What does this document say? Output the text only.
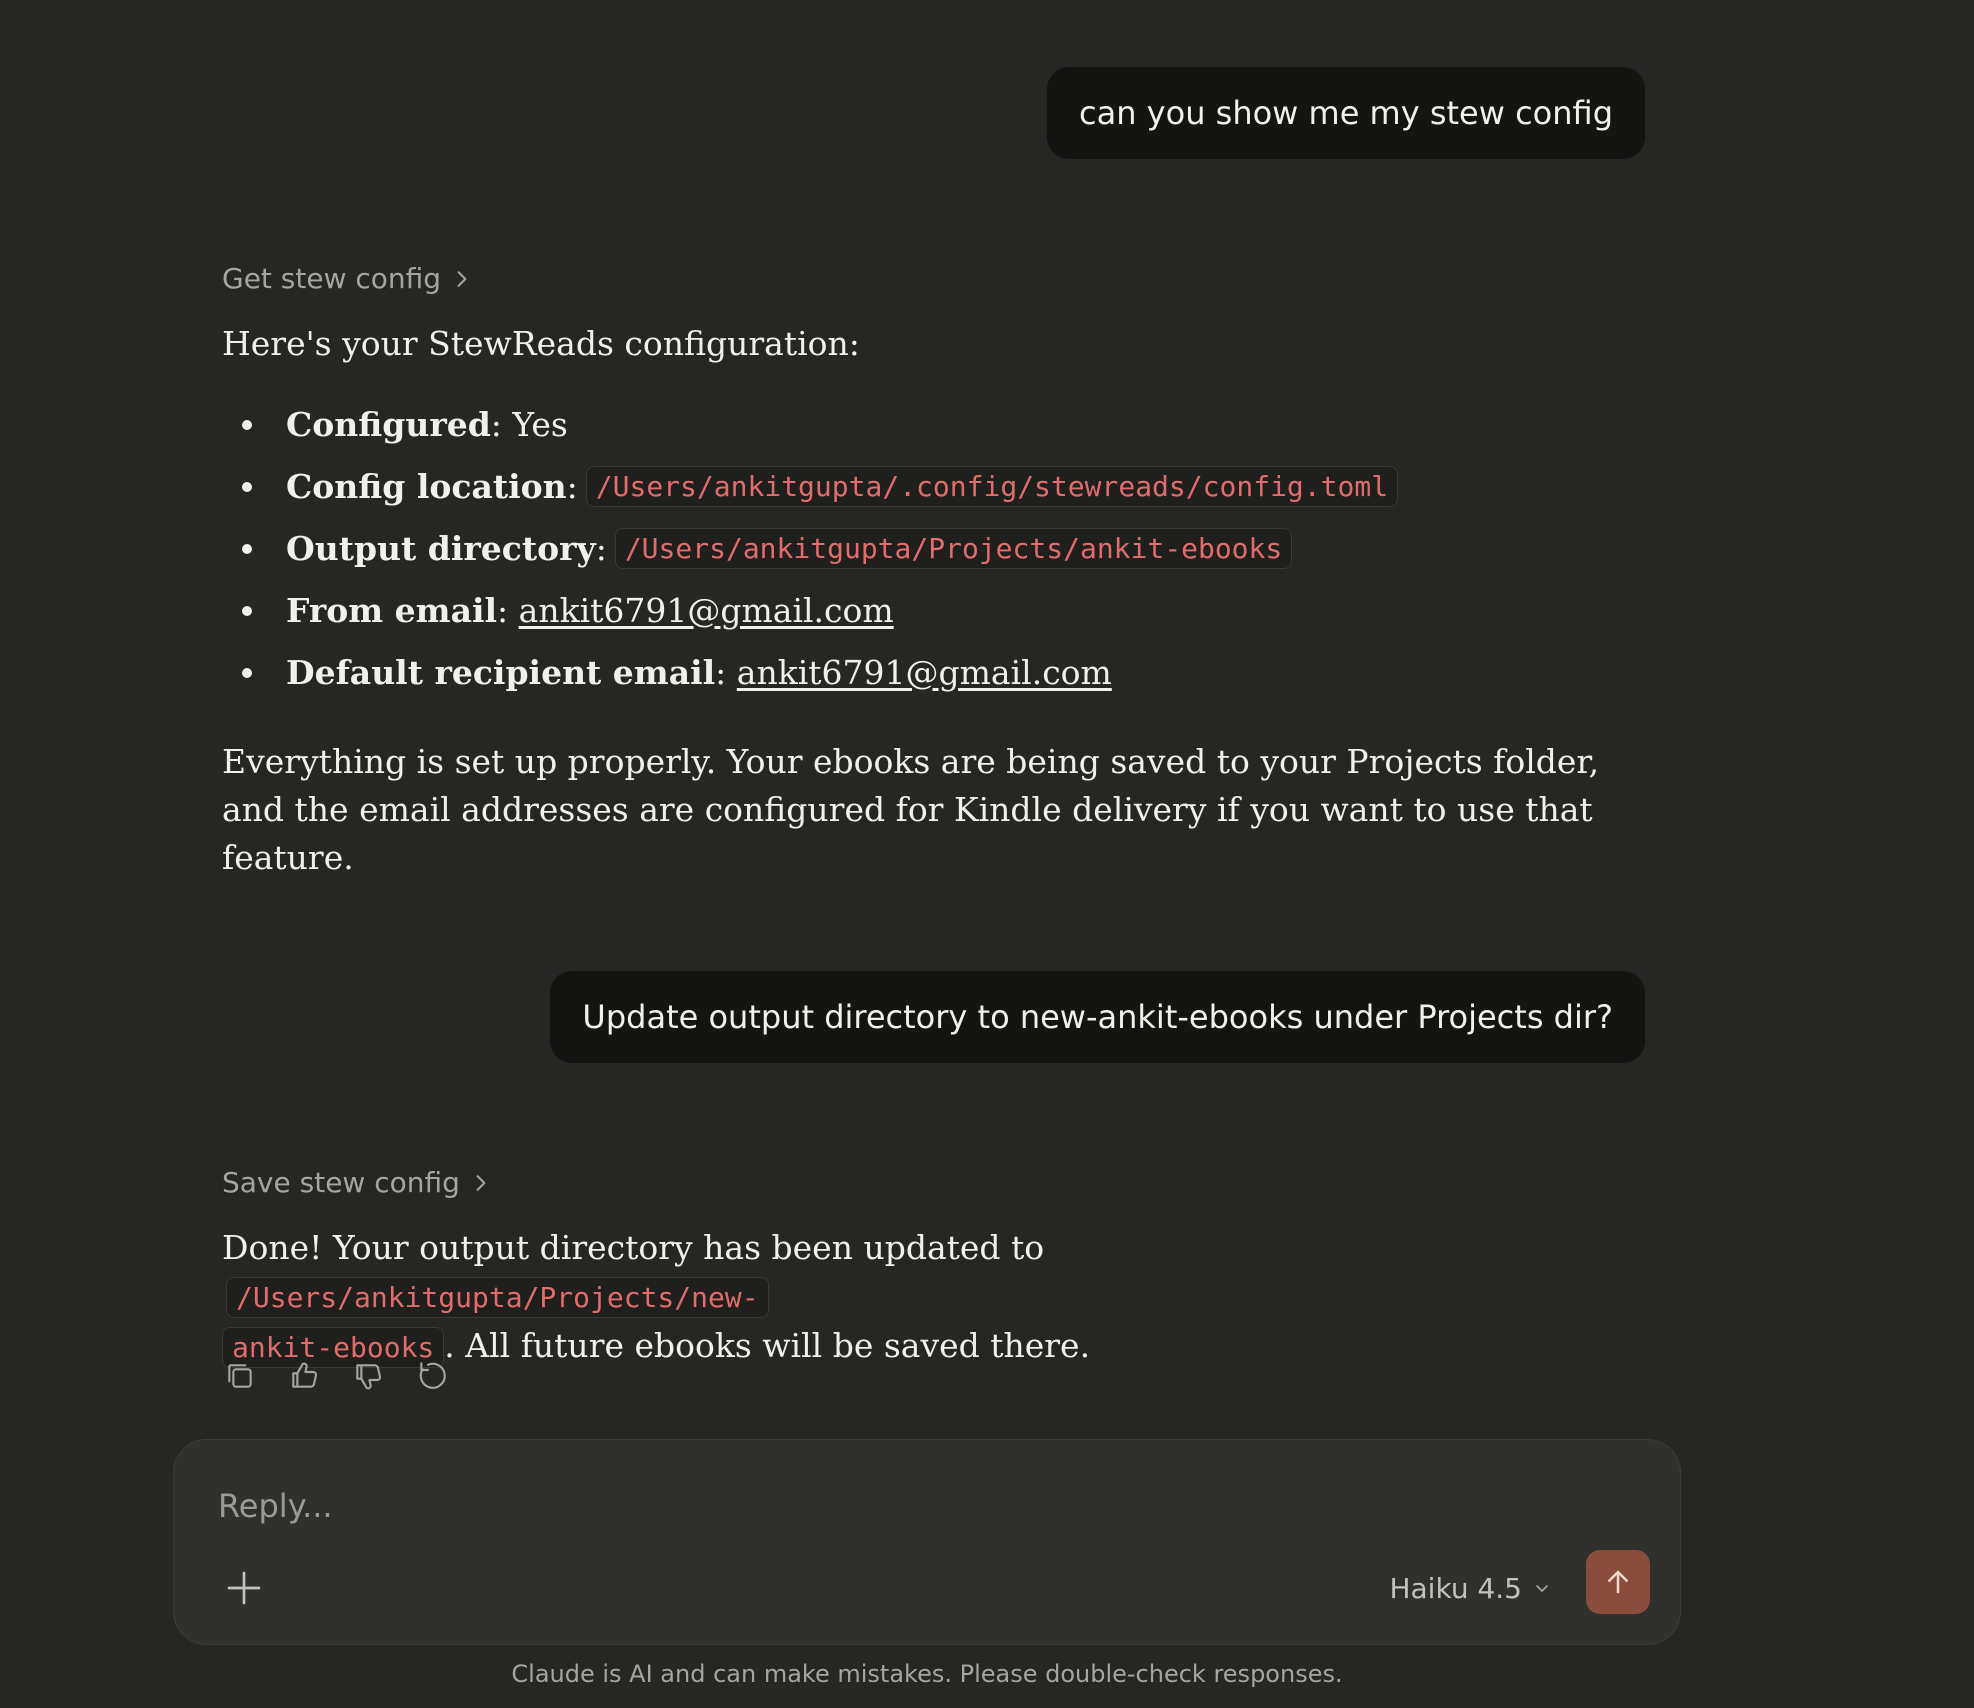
can you show me my stew config
Get stew config
Here's your StewReads configuration:
Configured : Yes
Config location : /Users/ankitgupta/.config/stewreads/config.toml
Output directory : /Users/ankitgupta/Projects/ankit-ebooks
From email : ankit6791@gmail.com
Default recipient email : ankit6791@gmail.com
Everything is set up properly. Your ebooks are being saved to your Projects folder, and the email addresses are configured for Kindle delivery if you want to use that feature.
Update output directory to new-ankit-ebooks under Projects dir?
Save stew config
Done! Your output directory has been updated to /Users/ankitgupta/Projects/new-
ankit-ebooks . All future ebooks will be saved there.
Reply...
Haiku 4.5
Claude is AI and can make mistakes. Please double-check responses.
